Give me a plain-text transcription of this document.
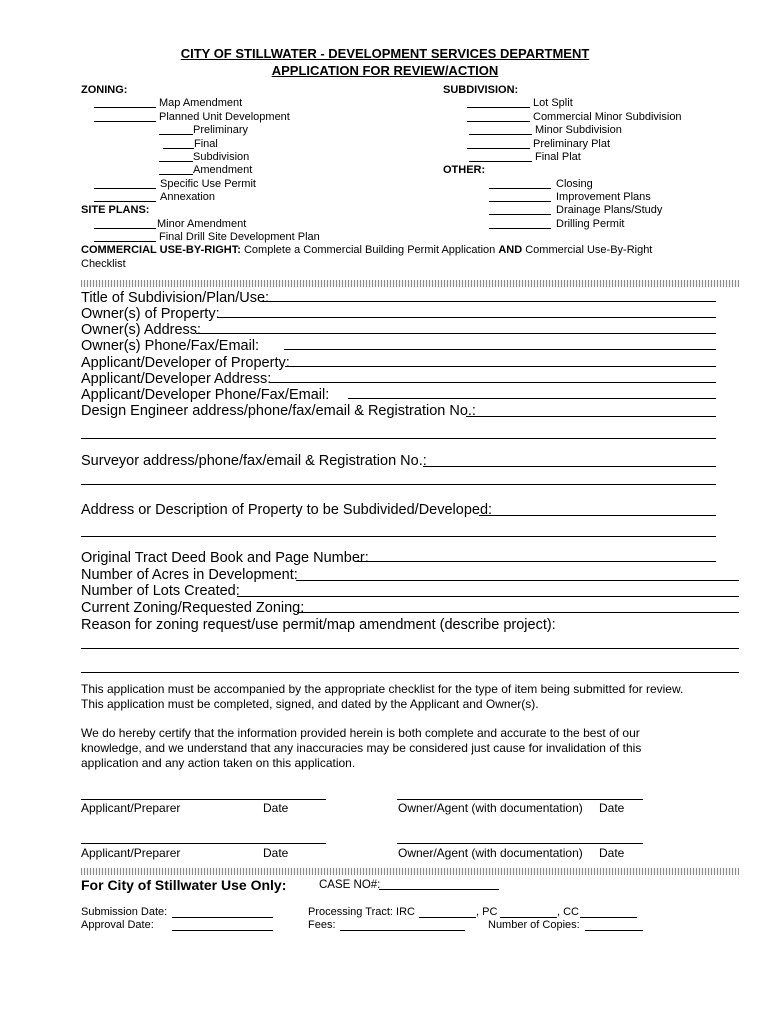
CITY OF STILLWATER - DEVELOPMENT SERVICES DEPARTMENT
APPLICATION FOR REVIEW/ACTION
ZONING:
Map Amendment
Planned Unit Development
Preliminary
Final
Subdivision
Amendment
Specific Use Permit
Annexation
SITE PLANS:
Minor Amendment
Final Drill Site Development Plan
SUBDIVISION:
Lot Split
Commercial Minor Subdivision
Minor Subdivision
Preliminary Plat
Final Plat
OTHER:
Closing
Improvement Plans
Drainage Plans/Study
Drilling Permit
COMMERCIAL USE-BY-RIGHT: Complete a Commercial Building Permit Application AND Commercial Use-By-Right
Checklist
Title of Subdivision/Plan/Use:
Owner(s) of Property:
Owner(s) Address:
Owner(s) Phone/Fax/Email:
Applicant/Developer of Property:
Applicant/Developer Address:
Applicant/Developer Phone/Fax/Email:
Design Engineer address/phone/fax/email & Registration No.:
Surveyor address/phone/fax/email & Registration No.:
Address or Description of Property to be Subdivided/Developed:
Original Tract Deed Book and Page Number:
Number of Acres in Development:
Number of Lots Created:
Current Zoning/Requested Zoning:
Reason for zoning request/use permit/map amendment (describe project):
This application must be accompanied by the appropriate checklist for the type of item being submitted for review. This application must be completed, signed, and dated by the Applicant and Owner(s).
We do hereby certify that the information provided herein is both complete and accurate to the best of our knowledge, and we understand that any inaccuracies may be considered just cause for invalidation of this application and any action taken on this application.
Applicant/Preparer	Date	Owner/Agent (with documentation) Date
Applicant/Preparer	Date	Owner/Agent (with documentation) Date
For City of Stillwater Use Only:	CASE NO#:
Submission Date:
Approval Date:
Processing Tract: IRC	, PC	, CC
Fees:	Number of Copies:
